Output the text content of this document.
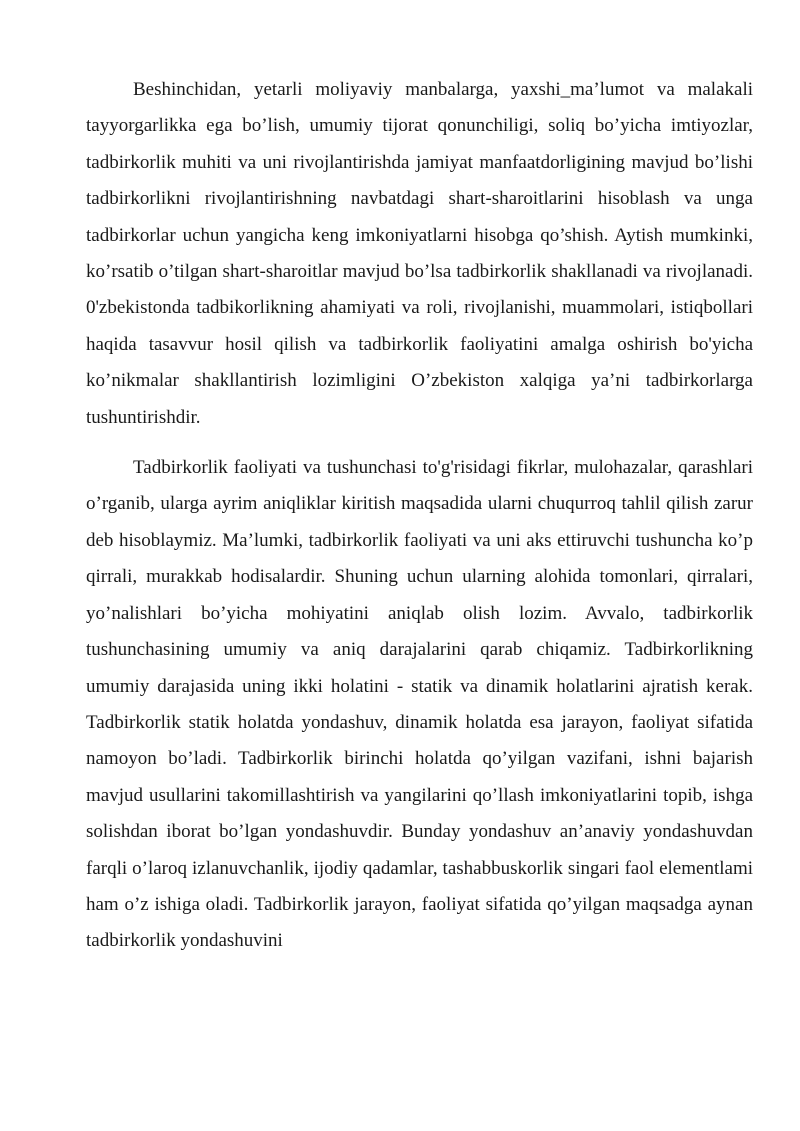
Beshinchidan, yetarli moliyaviy manbalarga, yaxshi_ma’lumot va malakali tayyorgarlikka ega bo’lish, umumiy tijorat qonunchiligi, soliq bo’yicha imtiyozlar, tadbirkorlik muhiti va uni rivojlantirishda jamiyat manfaatdorligining mavjud bo’lishi tadbirkorlikni rivojlantirishning navbatdagi shart-sharoitlarini hisoblash va unga tadbirkorlar uchun yangicha keng imkoniyatlarni hisobga qo’shish. Aytish mumkinki, ko’rsatib o’tilgan shart-sharoitlar mavjud bo’lsa tadbirkorlik shakllanadi va rivojlanadi. 0'zbekistonda tadbikorlikning ahamiyati va roli, rivojlanishi, muammolari, istiqbollari haqida tasavvur hosil qilish va tadbirkorlik faoliyatini amalga oshirish bo'yicha ko’nikmalar shakllantirish lozimligini O’zbekiston xalqiga ya’ni tadbirkorlarga tushuntirishdir.

Tadbirkorlik faoliyati va tushunchasi to'g'risidagi fikrlar, mulohazalar, qarashlari o’rganib, ularga ayrim aniqliklar kiritish maqsadida ularni chuqurroq tahlil qilish zarur deb hisoblaymiz. Ma’lumki, tadbirkorlik faoliyati va uni aks ettiruvchi tushuncha ko’p qirrali, murakkab hodisalardir. Shuning uchun ularning alohida tomonlari, qirralari, yo’nalishlari bo’yicha mohiyatini aniqlab olish lozim. Avvalo, tadbirkorlik tushunchasining umumiy va aniq darajalarini qarab chiqamiz. Tadbirkorlikning umumiy darajasida uning ikki holatini - statik va dinamik holatlarini ajratish kerak. Tadbirkorlik statik holatda yondashuv, dinamik holatda esa jarayon, faoliyat sifatida namoyon bo’ladi. Tadbirkorlik birinchi holatda qo’yilgan vazifani, ishni bajarish mavjud usullarini takomillashtirish va yangilarini qo’llash imkoniyatlarini topib, ishga solishdan iborat bo’lgan yondashuvdir. Bunday yondashuv an’anaviy yondashuvdan farqli o’laroq izlanuvchanlik, ijodiy qadamlar, tashabbuskorlik singari faol elementlami ham o’z ishiga oladi. Tadbirkorlik jarayon, faoliyat sifatida qo’yilgan maqsadga aynan tadbirkorlik yondashuvini
